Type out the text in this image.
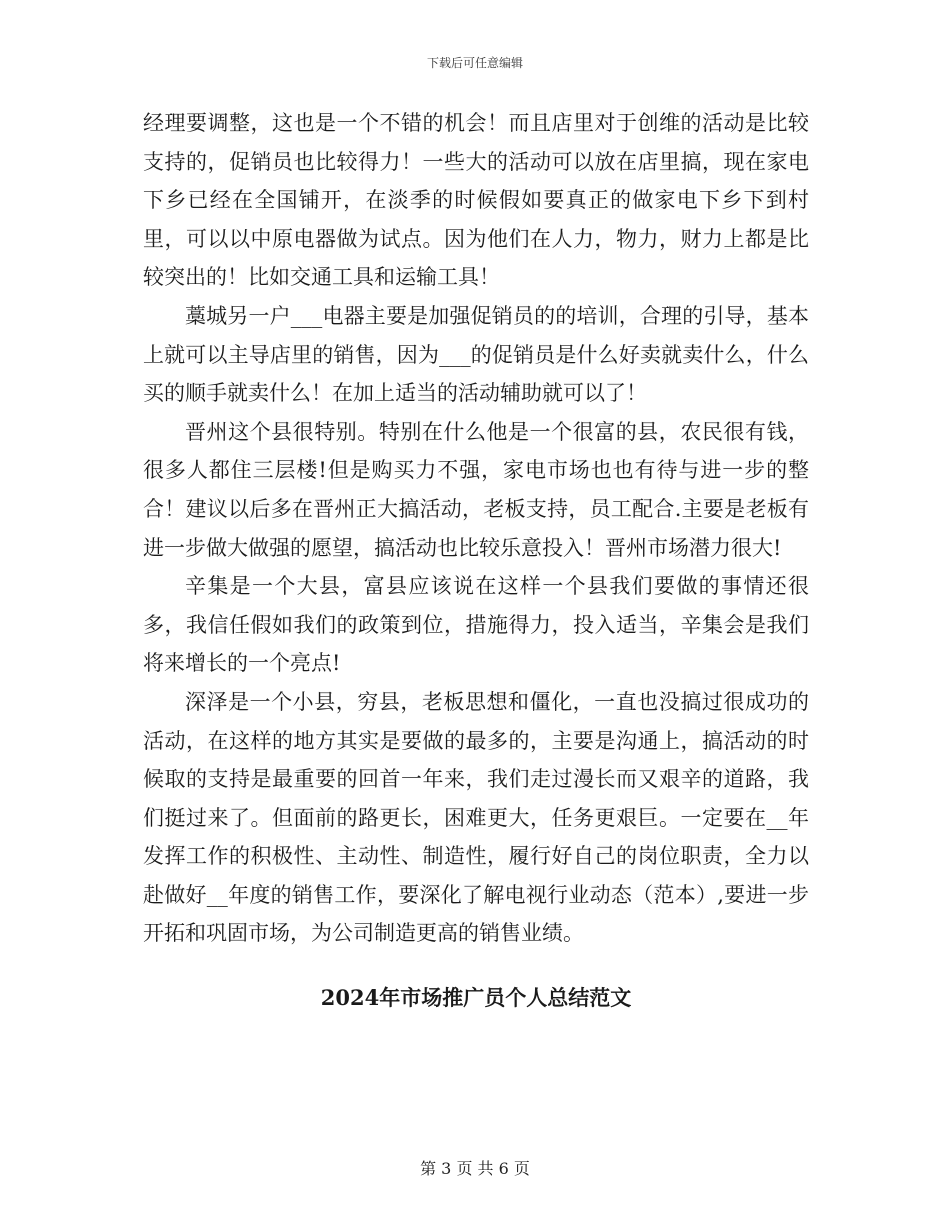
下载后可任意编辑

经理要调整，这也是一个不错的机会！而且店里对于创维的活动是比较支持的，促销员也比较得力！一些大的活动可以放在店里搞，现在家电下乡已经在全国铺开，在淡季的时候假如要真正的做家电下乡下到村里，可以以中原电器做为试点。因为他们在人力，物力，财力上都是比较突出的！比如交通工具和运输工具！

藁城另一户___电器主要是加强促销员的的培训，合理的引导，基本上就可以主导店里的销售，因为___的促销员是什么好卖就卖什么，什么买的顺手就卖什么！在加上适当的活动辅助就可以了！

晋州这个县很特别。特别在什么他是一个很富的县，农民很有钱，很多人都住三层楼!但是购买力不强，家电市场也也有待与进一步的整合！建议以后多在晋州正大搞活动，老板支持，员工配合.主要是老板有进一步做大做强的愿望，搞活动也比较乐意投入！晋州市场潜力很大!

辛集是一个大县，富县应该说在这样一个县我们要做的事情还很多，我信任假如我们的政策到位，措施得力，投入适当，辛集会是我们将来增长的一个亮点!

深泽是一个小县，穷县，老板思想和僵化，一直也没搞过很成功的活动，在这样的地方其实是要做的最多的，主要是沟通上，搞活动的时候取的支持是最重要的回首一年来，我们走过漫长而又艰辛的道路，我们挺过来了。但面前的路更长，困难更大，任务更艰巨。一定要在__年发挥工作的积极性、主动性、制造性，履行好自己的岗位职责，全力以赴做好__年度的销售工作，要深化了解电视行业动态（范本）,要进一步开拓和巩固市场，为公司制造更高的销售业绩。

2024年市场推广员个人总结范文
第 3 页 共 6 页
